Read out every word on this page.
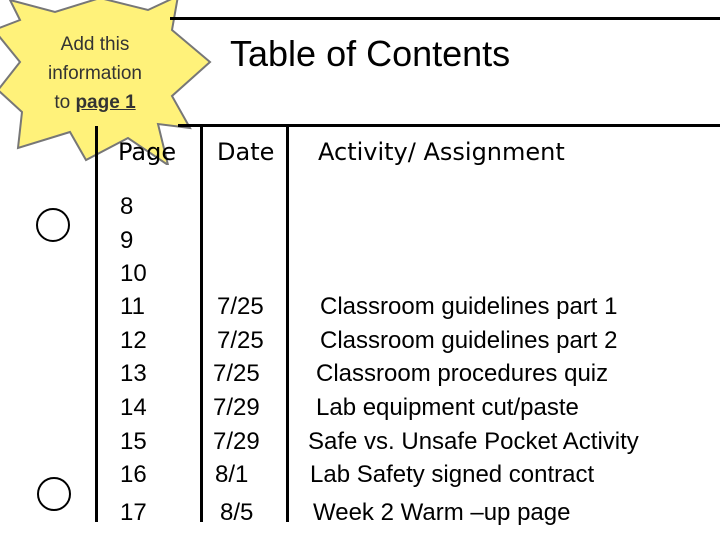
Add this
information
to page 1
Table of Contents
Page Date Activity/ Assignment
8
9
10
11	7/25 Classroom guidelines part 1
12	7/25 Classroom guidelines part 2
13	7/25 Classroom procedures quiz
14	7/29 Lab equipment cut/paste
15	7/29 Safe vs. Unsafe Pocket Activity
16	8/1	Lab Safety signed contract
17	8/5 Week 2 Warm –up page
